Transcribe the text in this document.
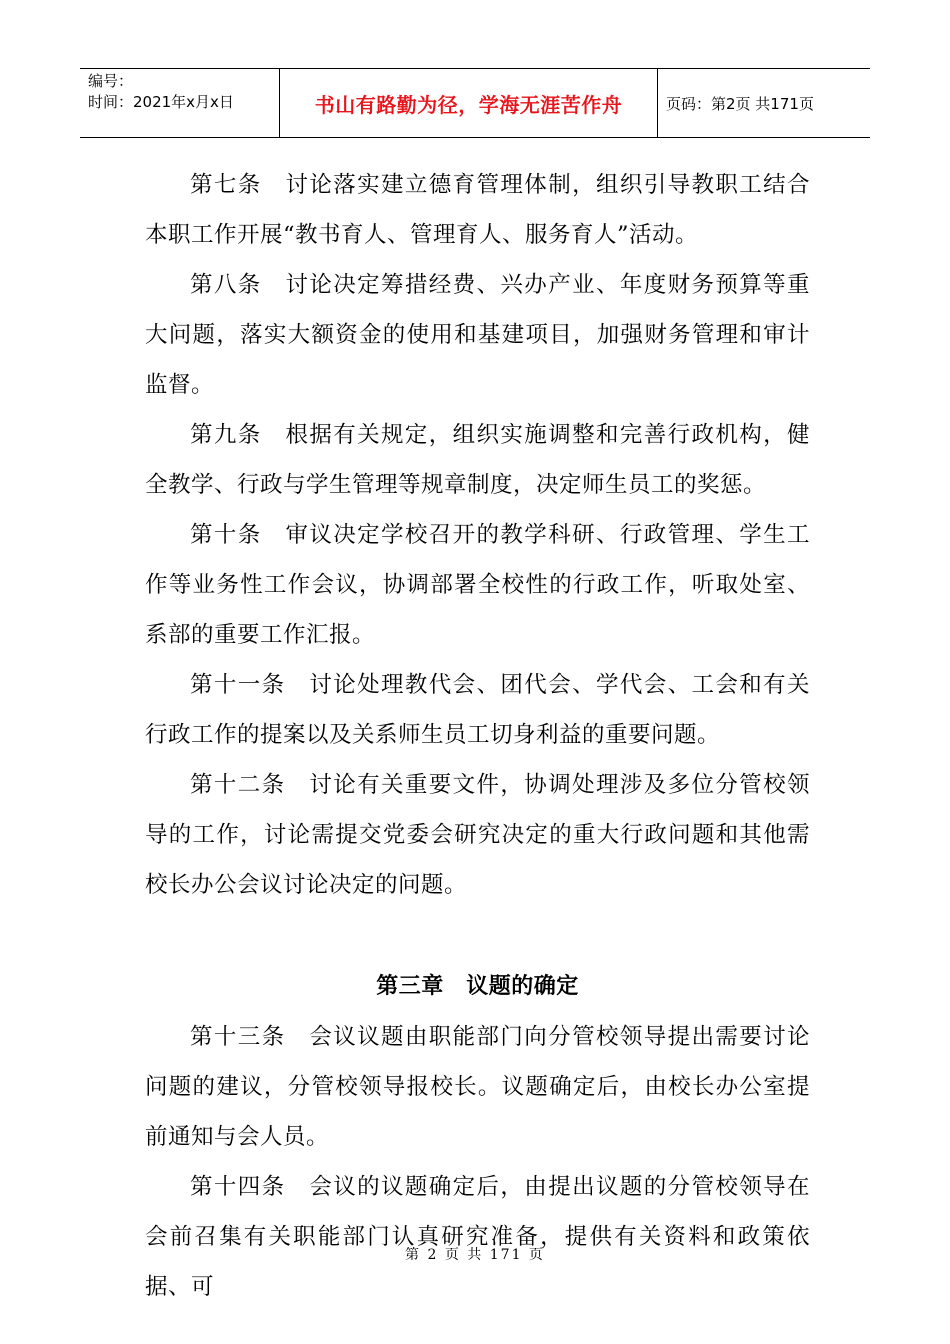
编号：
时间：2021年x月x日	书山有路勤为径，学海无涯苦作舟	页码：第2页 共171页

第七条　讨论落实建立德育管理体制，组织引导教职工结合本职工作开展“教书育人、管理育人、服务育人”活动。

第八条　讨论决定筹措经费、兴办产业、年度财务预算等重大问题，落实大额资金的使用和基建项目，加强财务管理和审计监督。

第九条　根据有关规定，组织实施调整和完善行政机构，健全教学、行政与学生管理等规章制度，决定师生员工的奖惩。

第十条　审议决定学校召开的教学科研、行政管理、学生工作等业务性工作会议，协调部署全校性的行政工作，听取处室、系部的重要工作汇报。

第十一条　讨论处理教代会、团代会、学代会、工会和有关行政工作的提案以及关系师生员工切身利益的重要问题。

第十二条　讨论有关重要文件，协调处理涉及多位分管校领导的工作，讨论需提交党委会研究决定的重大行政问题和其他需校长办公会议讨论决定的问题。

第三章　议题的确定

第十三条　会议议题由职能部门向分管校领导提出需要讨论问题的建议，分管校领导报校长。议题确定后，由校长办公室提前通知与会人员。

第十四条　会议的议题确定后，由提出议题的分管校领导在会前召集有关职能部门认真研究准备，提供有关资料和政策依据、可

第 2 页 共 171 页
